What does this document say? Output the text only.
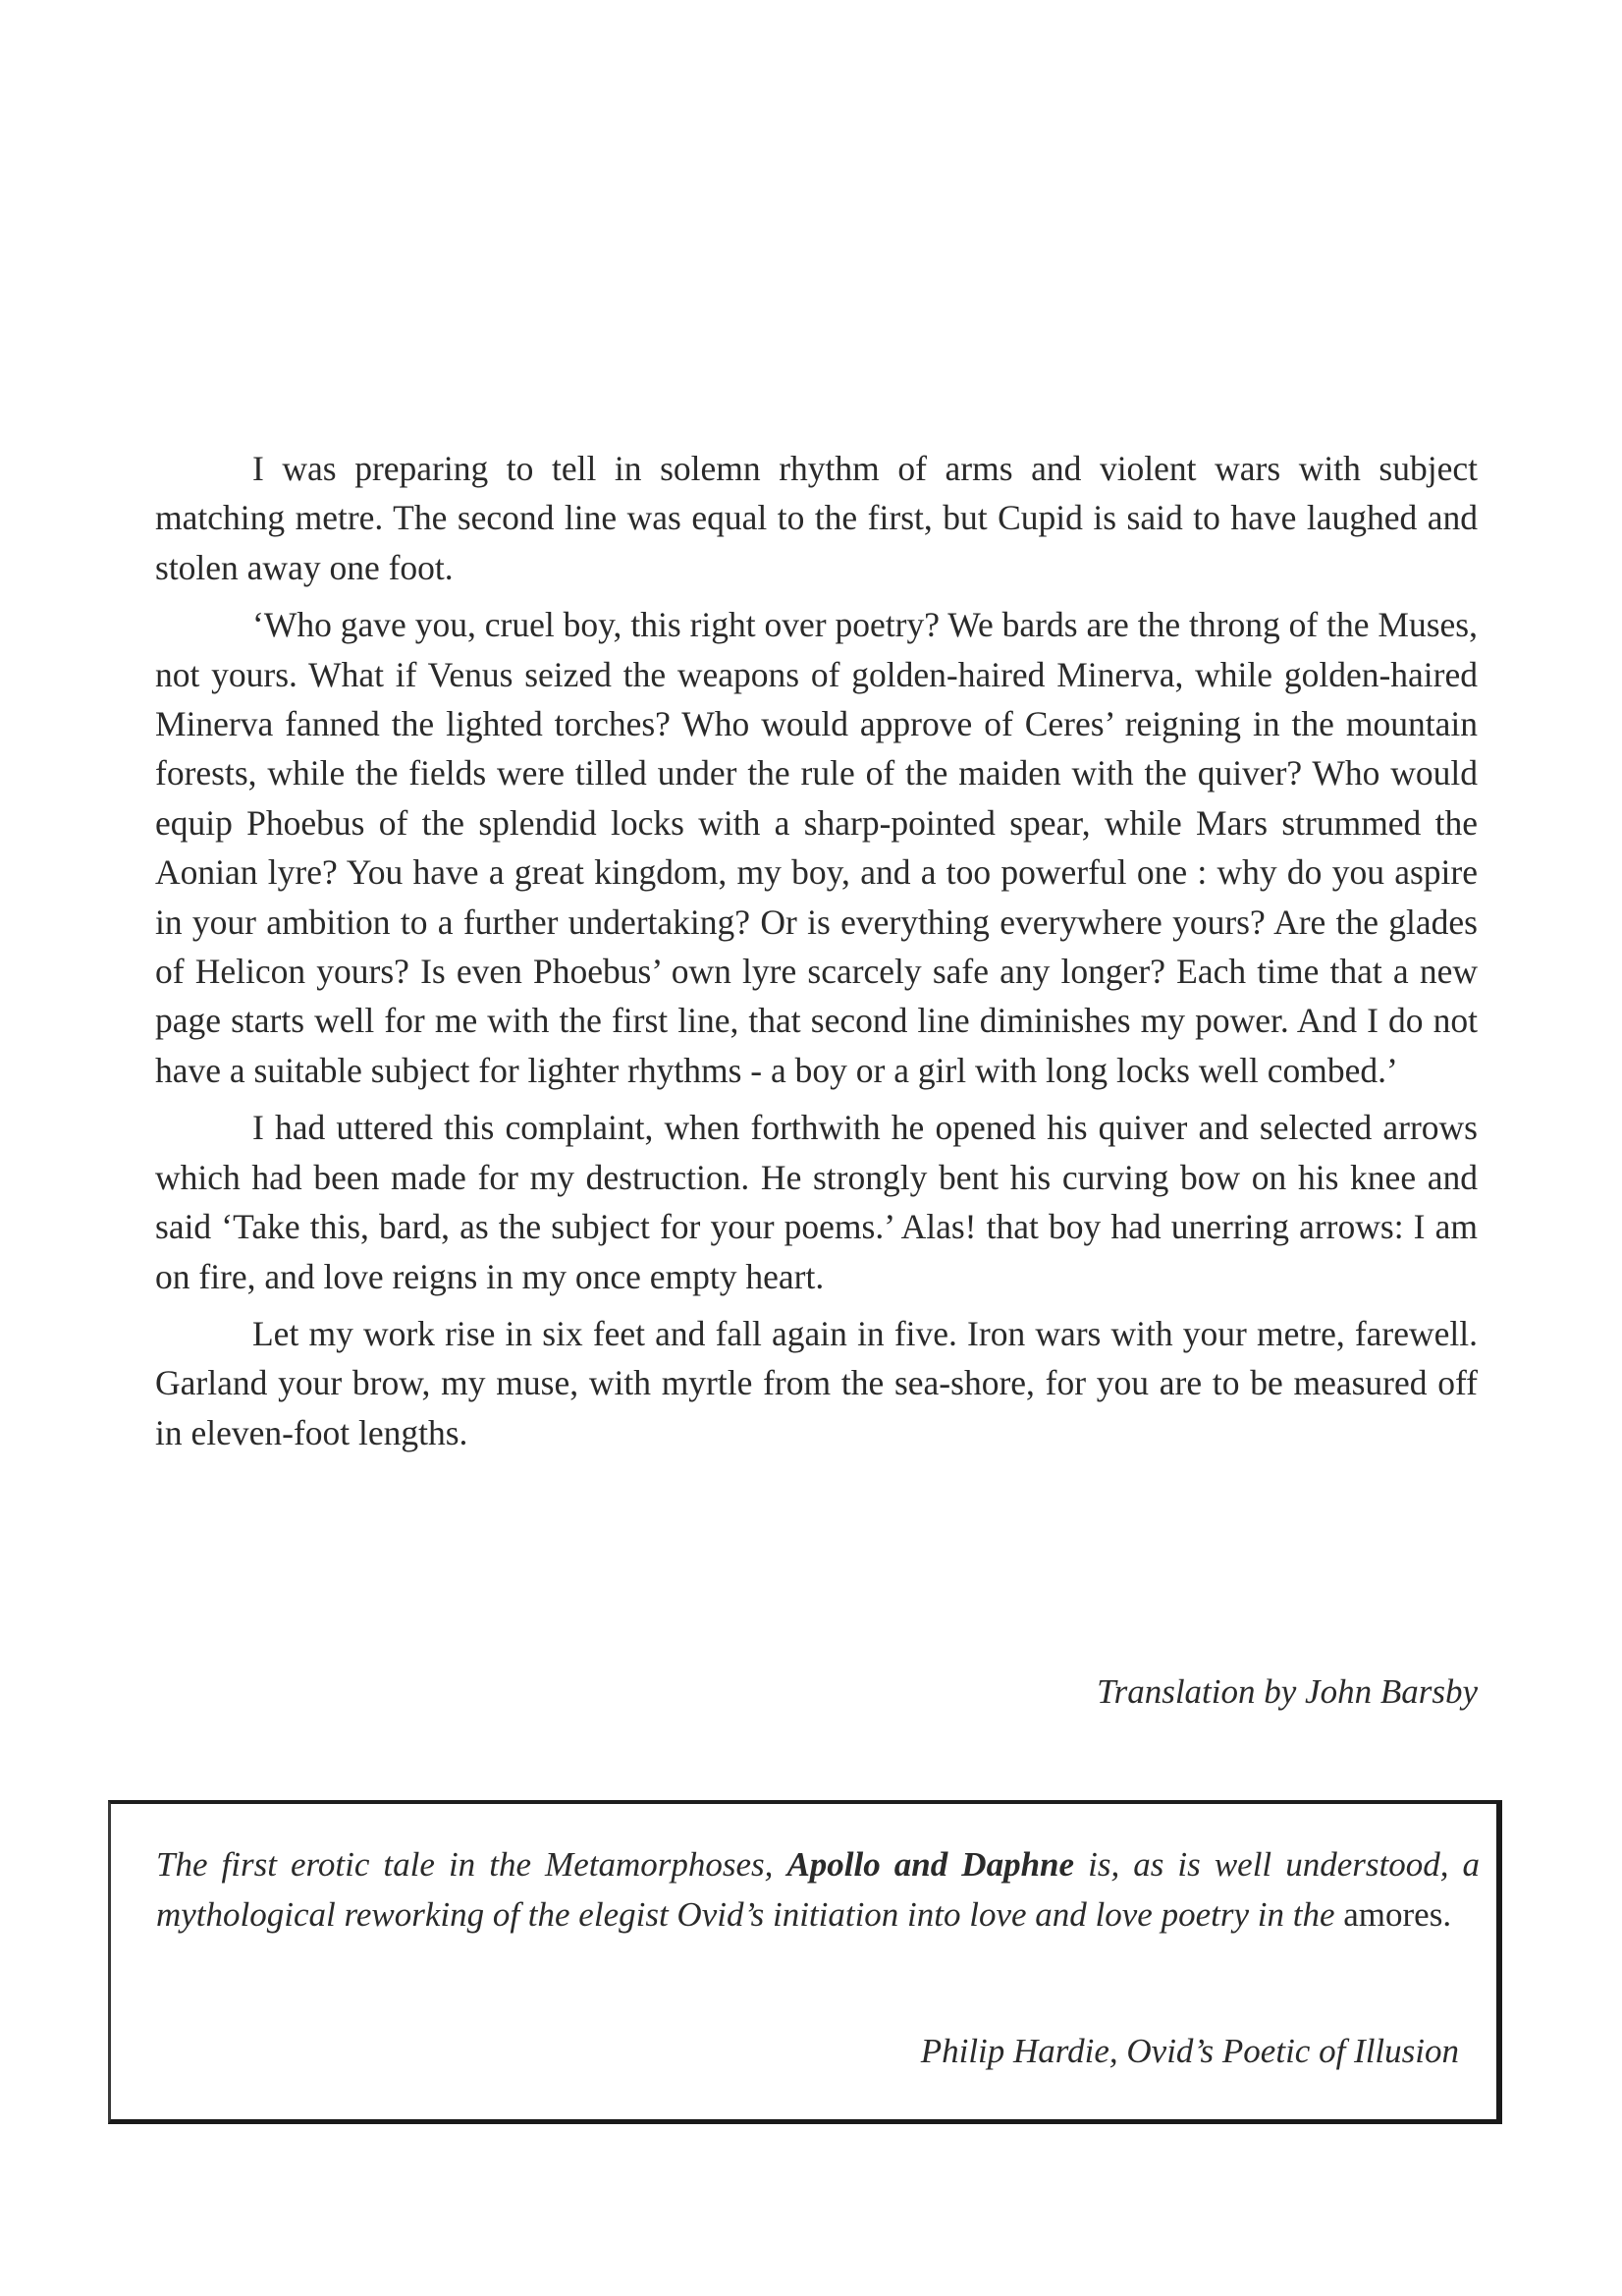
I was preparing to tell in solemn rhythm of arms and violent wars with subject matching metre. The second line was equal to the first, but Cupid is said to have laughed and stolen away one foot.

‘Who gave you, cruel boy, this right over poetry? We bards are the throng of the Muses, not yours. What if Venus seized the weapons of golden-haired Minerva, while golden-haired Minerva fanned the lighted torches? Who would approve of Ceres’ reigning in the mountain forests, while the fields were tilled under the rule of the maiden with the quiver? Who would equip Phoebus of the splendid locks with a sharp-pointed spear, while Mars strummed the Aonian lyre? You have a great kingdom, my boy, and a too powerful one : why do you aspire in your ambition to a further undertaking? Or is everything everywhere yours? Are the glades of Helicon yours? Is even Phoebus’ own lyre scarcely safe any longer? Each time that a new page starts well for me with the first line, that second line diminishes my power. And I do not have a suitable subject for lighter rhythms - a boy or a girl with long locks well combed.’

I had uttered this complaint, when forthwith he opened his quiver and selected arrows which had been made for my destruction. He strongly bent his curving bow on his knee and said ‘Take this, bard, as the subject for your poems.’ Alas! that boy had unerring arrows: I am on fire, and love reigns in my once empty heart.

Let my work rise in six feet and fall again in five. Iron wars with your metre, farewell. Garland your brow, my muse, with myrtle from the sea-shore, for you are to be measured off in eleven-foot lengths.

Translation by John Barsby

The first erotic tale in the Metamorphoses, Apollo and Daphne is, as is well understood, a mythological reworking of the elegist Ovid’s initiation into love and love poetry in the amores.

Philip Hardie, Ovid’s Poetic of Illusion
